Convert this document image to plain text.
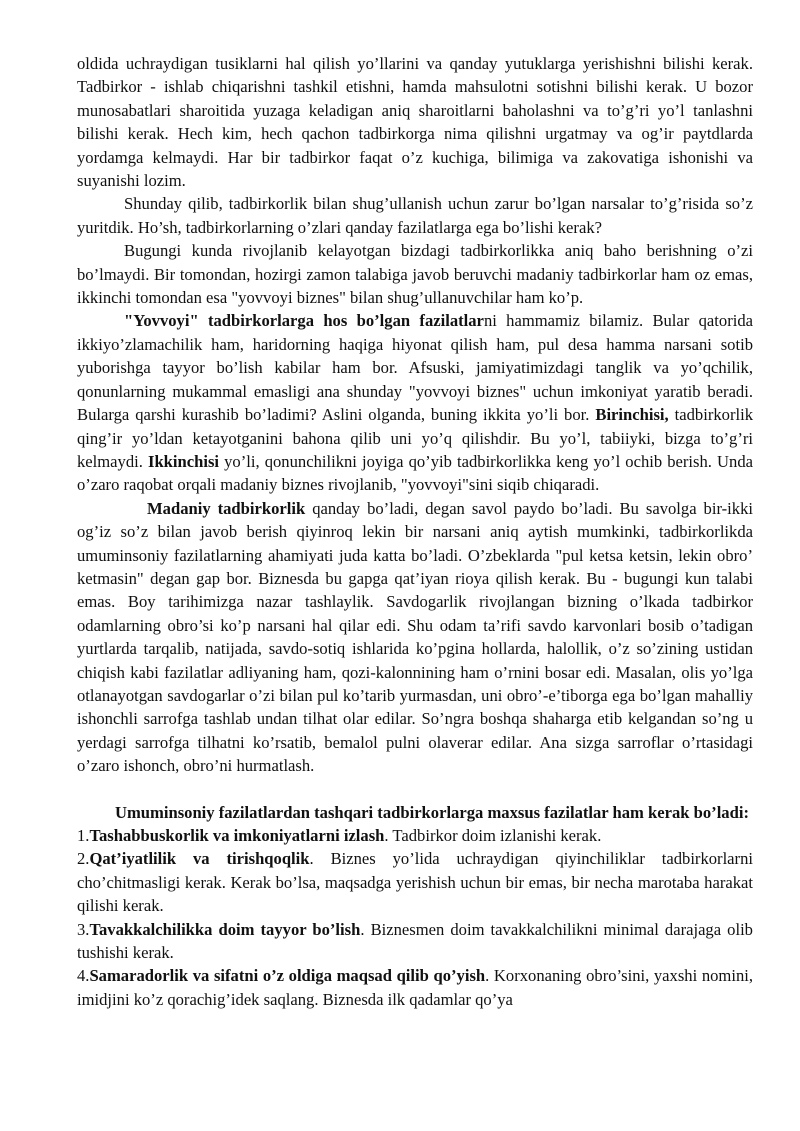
oldida uchraydigan tusiklarni hal qilish yo’llarini va qanday yutuklarga yerishishni bilishi kerak. Tadbirkor - ishlab chiqarishni tashkil etishni, hamda mahsulotni sotishni bilishi kerak. U bozor munosabatlari sharoitida yuzaga keladigan aniq sharoitlarni baholashni va to’g’ri yo’l tanlashni bilishi kerak. Hech kim, hech qachon tadbirkorga nima qilishni urgatmay va og’ir paytdlarda yordamga kelmaydi. Har bir tadbirkor faqat o’z kuchiga, bilimiga va zakovatiga ishonishi va suyanishi lozim.

Shunday qilib, tadbirkorlik bilan shug’ullanish uchun zarur bo’lgan narsalar to’g’risida so’z yuritdik. Ho’sh, tadbirkorlarning o’zlari qanday fazilatlarga ega bo’lishi kerak?

Bugungi kunda rivojlanib kelayotgan bizdagi tadbirkorlikka aniq baho berishning o’zi bo’lmaydi. Bir tomondan, hozirgi zamon talabiga javob beruvchi madaniy tadbirkorlar ham oz emas, ikkinchi tomondan esa "yovvoyi biznes" bilan shug’ullanuvchilar ham ko’p.

"Yovvoyi" tadbirkorlarga hos bo’lgan fazilatlarni hammamiz bilamiz. Bular qatorida ikkiyo’zlamachilik ham, haridorning haqiga hiyonat qilish ham, pul desa hamma narsani sotib yuborishga tayyor bo’lish kabilar ham bor. Afsuski, jamiyatimizdagi tanglik va yo’qchilik, qonunlarning mukammal emasligi ana shunday "yovvoyi biznes" uchun imkoniyat yaratib beradi. Bularga qarshi kurashib bo’ladimi? Aslini olganda, buning ikkita yo’li bor. Birinchisi, tadbirkorlik qing’ir yo’ldan ketayotganini bahona qilib uni yo’q qilishdir. Bu yo’l, tabiiyki, bizga to’g’ri kelmaydi. Ikkinchisi yo’li, qonunchilikni joyiga qo’yib tadbirkorlikka keng yo’l ochib berish. Unda o’zaro raqobat orqali madaniy biznes rivojlanib, "yovvoyi"sini siqib chiqaradi.

Madaniy tadbirkorlik qanday bo’ladi, degan savol paydo bo’ladi. Bu savolga bir-ikki og’iz so’z bilan javob berish qiyinroq lekin bir narsani aniq aytish mumkinki, tadbirkorlikda umuminsoniy fazilatlarning ahamiyati juda katta bo’ladi. O’zbeklarda "pul ketsa ketsin, lekin obro’ ketmasin" degan gap bor. Biznesda bu gapga qat’iyan rioya qilish kerak. Bu - bugungi kun talabi emas. Boy tarihimizga nazar tashlaylik. Savdogarlik rivojlangan bizning o’lkada tadbirkor odamlarning obro’si ko’p narsani hal qilar edi. Shu odam ta’rifi savdo karvonlari bosib o’tadigan yurtlarda tarqalib, natijada, savdo-sotiq ishlarida ko’pgina hollarda, halollik, o’z so’zining ustidan chiqish kabi fazilatlar adliyaning ham, qozi-kalonnining ham o’rnini bosar edi. Masalan, olis yo’lga otlanayotgan savdogarlar o’zi bilan pul ko’tarib yurmasdan, uni obro’-e’tiborga ega bo’lgan mahalliy ishonchli sarrofga tashlab undan tilhat olar edilar. So’ngra boshqa shaharga etib kelgandan so’ng u yerdagi sarrofga tilhatni ko’rsatib, bemalol pulni olaverar edilar. Ana sizga sarroflar o’rtasidagi o’zaro ishonch, obro’ni hurmatlash.

Umuminsoniy fazilatlardan tashqari tadbirkorlarga maxsus fazilatlar ham kerak bo’ladi:

1.Tashabbuskorlik va imkoniyatlarni izlash. Tadbirkor doim izlanishi kerak.

2.Qat’iyatlilik va tirishqoqlik. Biznes yo’lida uchraydigan qiyinchiliklar tadbirkorlarni cho’chitmasligi kerak. Kerak bo’lsa, maqsadga yerishish uchun bir emas, bir necha marotaba harakat qilishi kerak.

3.Tavakkalchilikka doim tayyor bo’lish. Biznesmen doim tavakkalchilikni minimal darajaga olib tushishi kerak.

4.Samaradorlik va sifatni o’z oldiga maqsad qilib qo’yish. Korxonaning obro’sini, yaxshi nomini, imidjini ko’z qorachig’idek saqlang. Biznesda ilk qadamlar qo’ya
